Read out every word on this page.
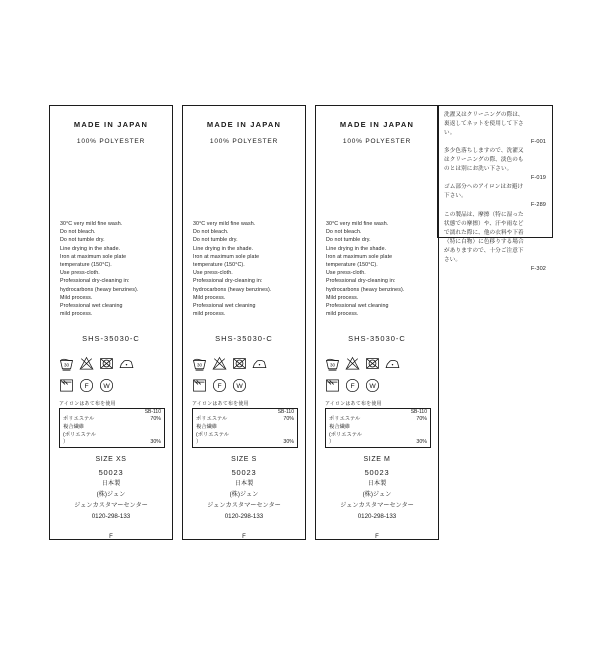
MADE IN JAPAN
100% POLYESTER
30°C very mild fine wash.
Do not bleach.
Do not tumble dry.
Line drying in the shade.
Iron at maximum sole plate
temperature (150°C).
Use press-cloth.
Professional dry-cleaning in:
hydrocarbons (heavy benzines).
Mild process.
Professional wet cleaning
mild process.
SHS-35030-C
30
F W
アイロンはあて布を使用
SB-110
ポリエステル	70%
複合繊維
(ポリエステル
）	30%
SIZE XS
50023
日本製
(株)ジュン
ジュンカスタマーセンター
0120-298-133
F
MADE IN JAPAN
100% POLYESTER
30°C very mild fine wash.
Do not bleach.
Do not tumble dry.
Line drying in the shade.
Iron at maximum sole plate
temperature (150°C).
Use press-cloth.
Professional dry-cleaning in:
hydrocarbons (heavy benzines).
Mild process.
Professional wet cleaning
mild process.
SHS-35030-C
30
F W
アイロンはあて布を使用
SB-110
ポリエステル	70%
複合繊維
(ポリエステル
）	30%
SIZE S
50023
日本製
(株)ジュン
ジュンカスタマーセンター
0120-298-133
F
MADE IN JAPAN
100% POLYESTER
30°C very mild fine wash.
Do not bleach.
Do not tumble dry.
Line drying in the shade.
Iron at maximum sole plate
temperature (150°C).
Use press-cloth.
Professional dry-cleaning in:
hydrocarbons (heavy benzines).
Mild process.
Professional wet cleaning
mild process.
SHS-35030-C
30
F W
アイロンはあて布を使用
SB-110
ポリエステル	70%
複合繊維
(ポリエステル
）	30%
SIZE M
50023
日本製
(株)ジュン
ジュンカスタマーセンター
0120-298-133
F

洗濯又はクリーニングの際は、

裏返してネットを使用して下さ

い。

F-001

多少色落ちしますので、洗濯又

はクリーニングの際、淡色のも

のとは別にお洗い下さい。

F-019

ゴム部分へのアイロンはお避け

下さい。

F-289

この製品は、摩擦（特に湿った

状態での摩擦）や、汗や雨など

で濡れた際に、他の衣料や下着

（特に白物）に色移りする場合

がありますので、十分ご注意下

さい。

F-302
